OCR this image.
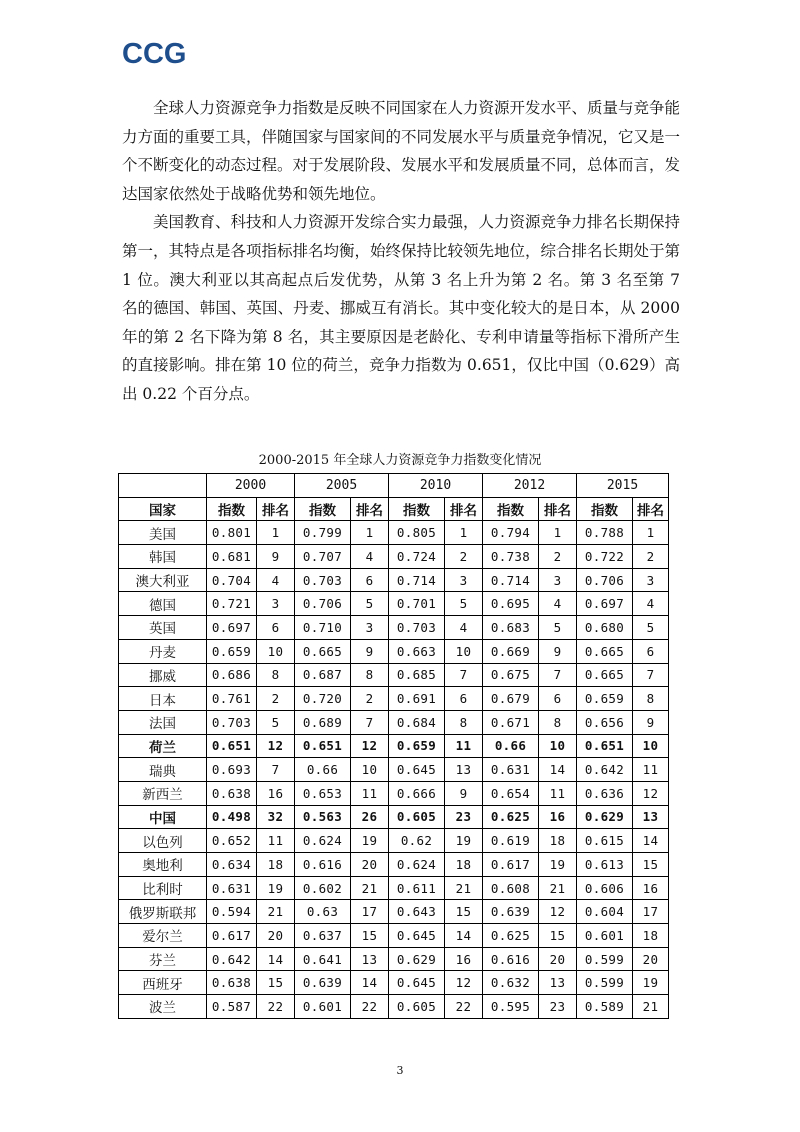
CCG

全球人力资源竞争力指数是反映不同国家在人力资源开发水平、质量与竞争能力方面的重要工具，伴随国家与国家间的不同发展水平与质量竞争情况，它又是一个不断变化的动态过程。对于发展阶段、发展水平和发展质量不同，总体而言，发达国家依然处于战略优势和领先地位。

美国教育、科技和人力资源开发综合实力最强，人力资源竞争力排名长期保持第一，其特点是各项指标排名均衡，始终保持比较领先地位，综合排名长期处于第 1 位。澳大利亚以其高起点后发优势，从第 3 名上升为第 2 名。第 3 名至第 7 名的德国、韩国、英国、丹麦、挪威互有消长。其中变化较大的是日本，从 2000 年的第 2 名下降为第 8 名，其主要原因是老龄化、专利申请量等指标下滑所产生的直接影响。排在第 10 位的荷兰，竞争力指数为 0.651，仅比中国（0.629）高出 0.22 个百分点。

2000-2015 年全球人力资源竞争力指数变化情况
	2000		2005		2010		2012		2015	
国家	指数	排名	指数	排名	指数	排名	指数	排名	指数	排名
美国	0.801	1	0.799	1	0.805	1	0.794	1	0.788	1
韩国	0.681	9	0.707	4	0.724	2	0.738	2	0.722	2
澳大利亚	0.704	4	0.703	6	0.714	3	0.714	3	0.706	3
德国	0.721	3	0.706	5	0.701	5	0.695	4	0.697	4
英国	0.697	6	0.710	3	0.703	4	0.683	5	0.680	5
丹麦	0.659	10	0.665	9	0.663	10	0.669	9	0.665	6
挪威	0.686	8	0.687	8	0.685	7	0.675	7	0.665	7
日本	0.761	2	0.720	2	0.691	6	0.679	6	0.659	8
法国	0.703	5	0.689	7	0.684	8	0.671	8	0.656	9
荷兰	0.651	12	0.651	12	0.659	11	0.66	10	0.651	10
瑞典	0.693	7	0.66	10	0.645	13	0.631	14	0.642	11
新西兰	0.638	16	0.653	11	0.666	9	0.654	11	0.636	12
中国	0.498	32	0.563	26	0.605	23	0.625	16	0.629	13
以色列	0.652	11	0.624	19	0.62	19	0.619	18	0.615	14
奥地利	0.634	18	0.616	20	0.624	18	0.617	19	0.613	15
比利时	0.631	19	0.602	21	0.611	21	0.608	21	0.606	16
俄罗斯联邦	0.594	21	0.63	17	0.643	15	0.639	12	0.604	17
爱尔兰	0.617	20	0.637	15	0.645	14	0.625	15	0.601	18
芬兰	0.642	14	0.641	13	0.629	16	0.616	20	0.599	20
西班牙	0.638	15	0.639	14	0.645	12	0.632	13	0.599	19
波兰	0.587	22	0.601	22	0.605	22	0.595	23	0.589	21
3
